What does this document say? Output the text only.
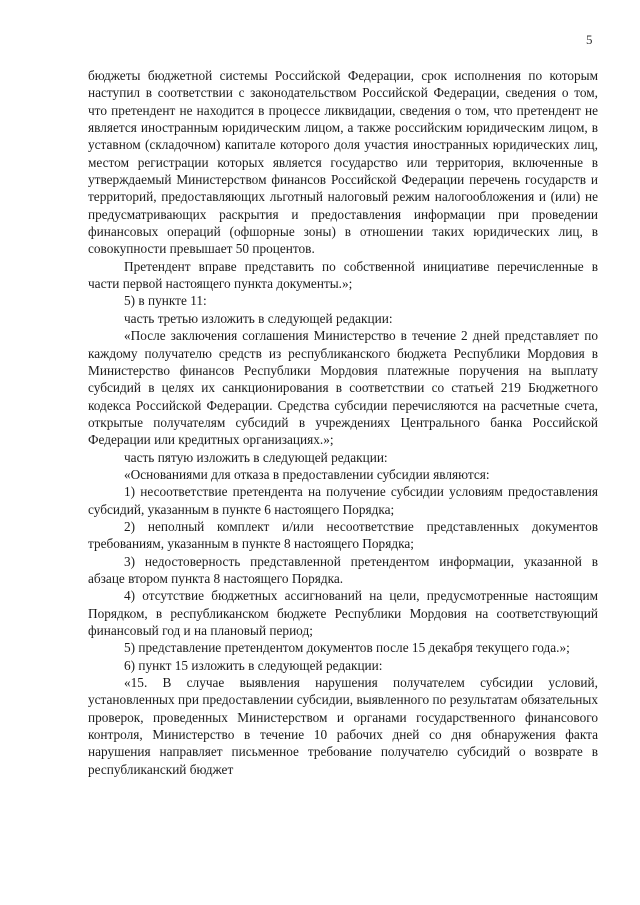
5

бюджеты бюджетной системы Российской Федерации, срок исполнения по которым наступил в соответствии с законодательством Российской Федерации, сведения о том, что претендент не находится в процессе ликвидации, сведения о том, что претендент не является иностранным юридическим лицом, а также российским юридическим лицом, в уставном (складочном) капитале которого доля участия иностранных юридических лиц, местом регистрации которых является государство или территория, включенные в утверждаемый Министерством финансов Российской Федерации перечень государств и территорий, предоставляющих льготный налоговый режим налогообложения и (или) не предусматривающих раскрытия и предоставления информации при проведении финансовых операций (офшорные зоны) в отношении таких юридических лиц, в совокупности превышает 50 процентов.

Претендент вправе представить по собственной инициативе перечисленные в части первой настоящего пункта документы.»;

5) в пункте 11:

часть третью изложить в следующей редакции:

«После заключения соглашения Министерство в течение 2 дней представляет по каждому получателю средств из республиканского бюджета Республики Мордовия в Министерство финансов Республики Мордовия платежные поручения на выплату субсидий в целях их санкционирования в соответствии со статьей 219 Бюджетного кодекса Российской Федерации. Средства субсидии перечисляются на расчетные счета, открытые получателям субсидий в учреждениях Центрального банка Российской Федерации или кредитных организациях.»;

часть пятую изложить в следующей редакции:

«Основаниями для отказа в предоставлении субсидии являются:

1) несоответствие претендента на получение субсидии условиям предоставления субсидий, указанным в пункте 6 настоящего Порядка;

2) неполный комплект и/или несоответствие представленных документов требованиям, указанным в пункте 8 настоящего Порядка;

3) недостоверность представленной претендентом информации, указанной в абзаце втором пункта 8 настоящего Порядка.

4) отсутствие бюджетных ассигнований на цели, предусмотренные настоящим Порядком, в республиканском бюджете Республики Мордовия на соответствующий финансовый год и на плановый период;

5) представление претендентом документов после 15 декабря текущего года.»;

6) пункт 15 изложить в следующей редакции:

«15. В случае выявления нарушения получателем субсидии условий, установленных при предоставлении субсидии, выявленного по результатам обязательных проверок, проведенных Министерством и органами государственного финансового контроля, Министерство в течение 10 рабочих дней со дня обнаружения факта нарушения направляет письменное требование получателю субсидий о возврате в республиканский бюджет
